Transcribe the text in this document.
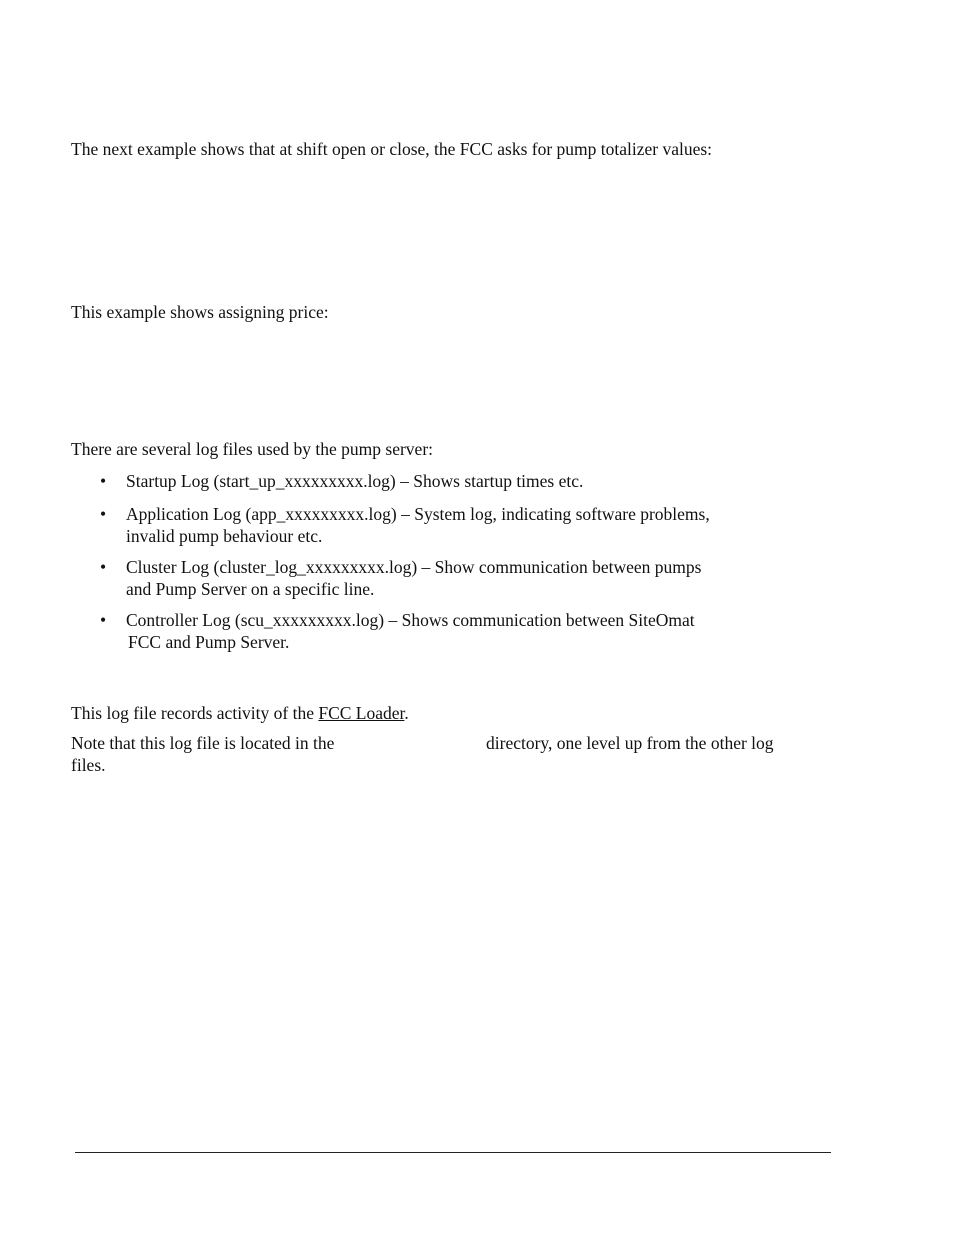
The next example shows that at shift open or close, the FCC asks for pump totalizer values:
This example shows assigning price:
There are several log files used by the pump server:
•	Startup Log (start_up_xxxxxxxxx.log) – Shows startup times etc.
•	Application Log (app_xxxxxxxxx.log) – System log, indicating software problems,
invalid pump behaviour etc.
•	Cluster Log (cluster_log_xxxxxxxxx.log) – Show communication between pumps
and Pump Server on a specific line.
•	Controller Log (scu_xxxxxxxxx.log) – Shows communication between SiteOmat
FCC and Pump Server.
This log file records activity of the FCC Loader.
Note that this log file is located in the	directory, one level up from the other log
files.
